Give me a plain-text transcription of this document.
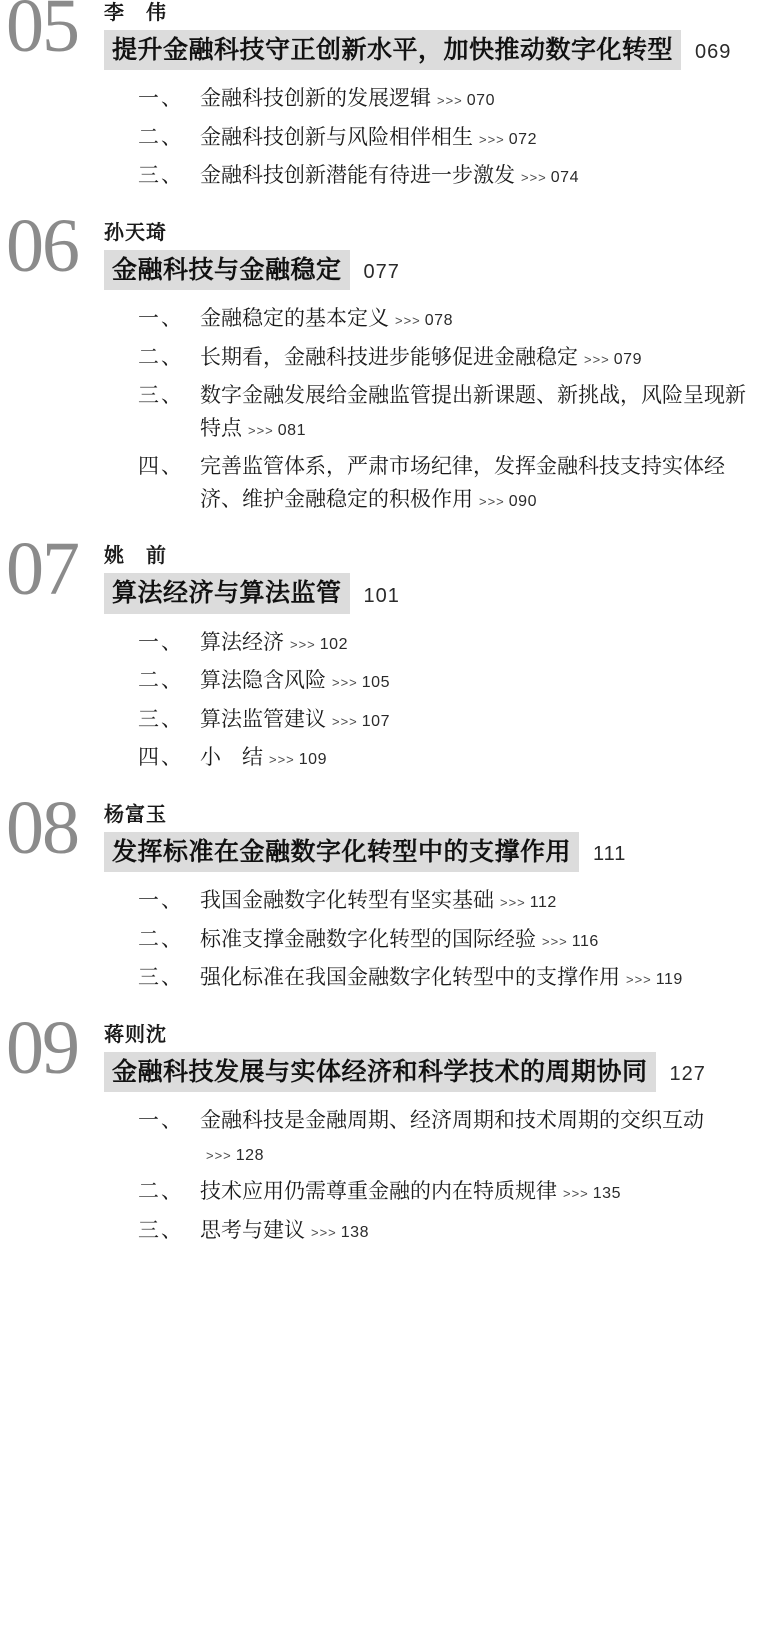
05 李　伟
提升金融科技守正创新水平，加快推动数字化转型	069
一、 金融科技创新的发展逻辑 >>> 070
二、 金融科技创新与风险相伴相生 >>> 072
三、 金融科技创新潜能有待进一步激发 >>> 074
06 孙天琦
金融科技与金融稳定	077
一、 金融稳定的基本定义 >>> 078
二、 长期看，金融科技进步能够促进金融稳定 >>> 079
三、 数字金融发展给金融监管提出新课题、新挑战，风险呈现新特点 >>> 081
四、 完善监管体系，严肃市场纪律，发挥金融科技支持实体经济、维护金融稳定的积极作用 >>> 090
07 姚　前
算法经济与算法监管	101
一、 算法经济 >>> 102
二、 算法隐含风险 >>> 105
三、 算法监管建议 >>> 107
四、 小　结 >>> 109
08 杨富玉
发挥标准在金融数字化转型中的支撑作用	111
一、 我国金融数字化转型有坚实基础 >>> 112
二、 标准支撑金融数字化转型的国际经验 >>> 116
三、 强化标准在我国金融数字化转型中的支撑作用 >>> 119
09 蒋则沈
金融科技发展与实体经济和科学技术的周期协同	127
一、 金融科技是金融周期、经济周期和技术周期的交织互动>>> 128
二、 技术应用仍需尊重金融的内在特质规律 >>> 135
三、 思考与建议 >>> 138
